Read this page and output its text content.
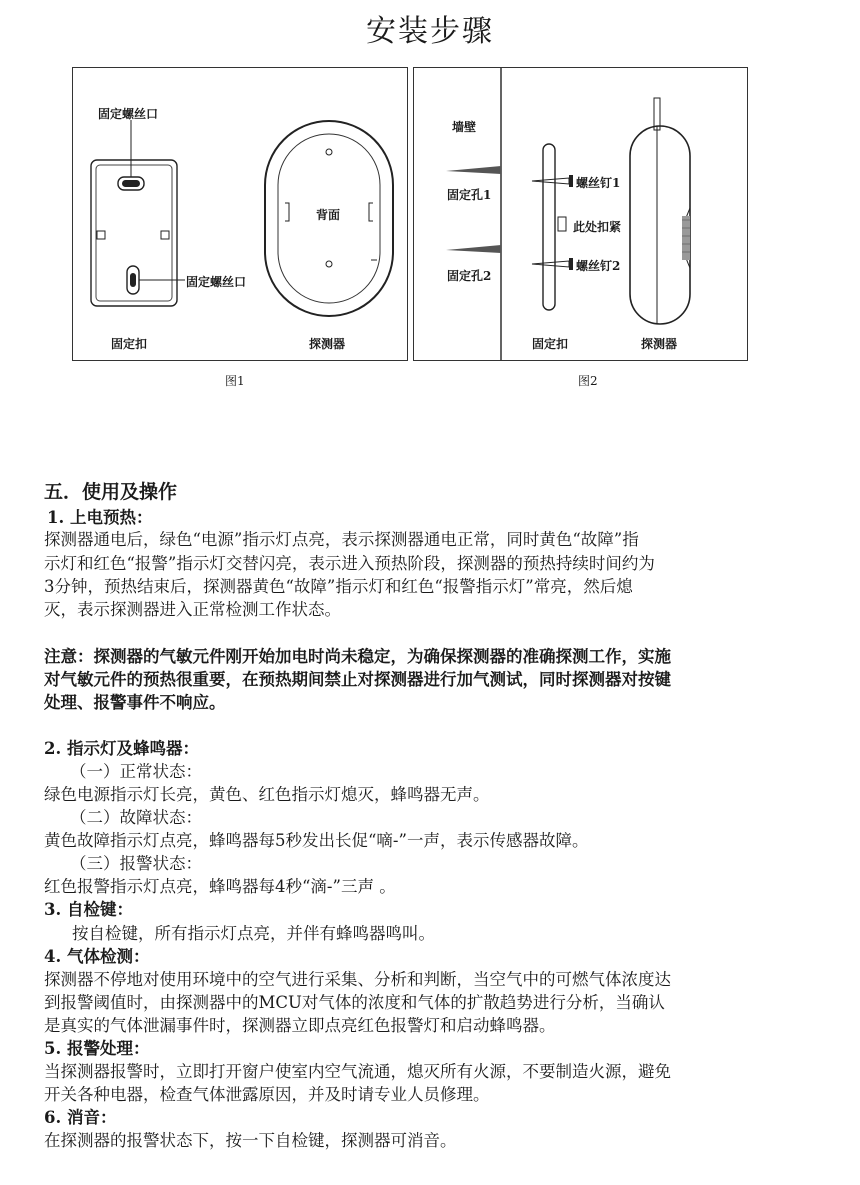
安装步骤
固定螺丝口
固定螺丝口
背面
固定扣	探测器
图1
墙壁
固定孔1
固定孔2
螺丝钉1
此处扣紧
螺丝钉2
固定扣	探测器
图2
五．使用及操作
1. 上电预热：
探测器通电后，绿色“电源”指示灯点亮，表示探测器通电正常，同时黄色“故障”指
示灯和红色“报警”指示灯交替闪亮，表示进入预热阶段，探测器的预热持续时间约为
3分钟，预热结束后，探测器黄色“故障”指示灯和红色“报警指示灯”常亮，然后熄
灭，表示探测器进入正常检测工作状态。
注意：探测器的气敏元件刚开始加电时尚未稳定，为确保探测器的准确探测工作，实施
对气敏元件的预热很重要，在预热期间禁止对探测器进行加气测试，同时探测器对按键
处理、报警事件不响应。
2. 指示灯及蜂鸣器：
（一）正常状态：
绿色电源指示灯长亮，黄色、红色指示灯熄灭，蜂鸣器无声。
（二）故障状态：
黄色故障指示灯点亮，蜂鸣器每5秒发出长促“嘀-”一声，表示传感器故障。
（三）报警状态：
红色报警指示灯点亮，蜂鸣器每4秒“滴-”三声 。
3. 自检键：
按自检键，所有指示灯点亮，并伴有蜂鸣器鸣叫。
4. 气体检测：
探测器不停地对使用环境中的空气进行采集、分析和判断，当空气中的可燃气体浓度达
到报警阈值时，由探测器中的MCU对气体的浓度和气体的扩散趋势进行分析，当确认
是真实的气体泄漏事件时，探测器立即点亮红色报警灯和启动蜂鸣器。
5. 报警处理：
当探测器报警时，立即打开窗户使室内空气流通，熄灭所有火源，不要制造火源，避免
开关各种电器，检查气体泄露原因，并及时请专业人员修理。
6. 消音：
在探测器的报警状态下，按一下自检键，探测器可消音。
